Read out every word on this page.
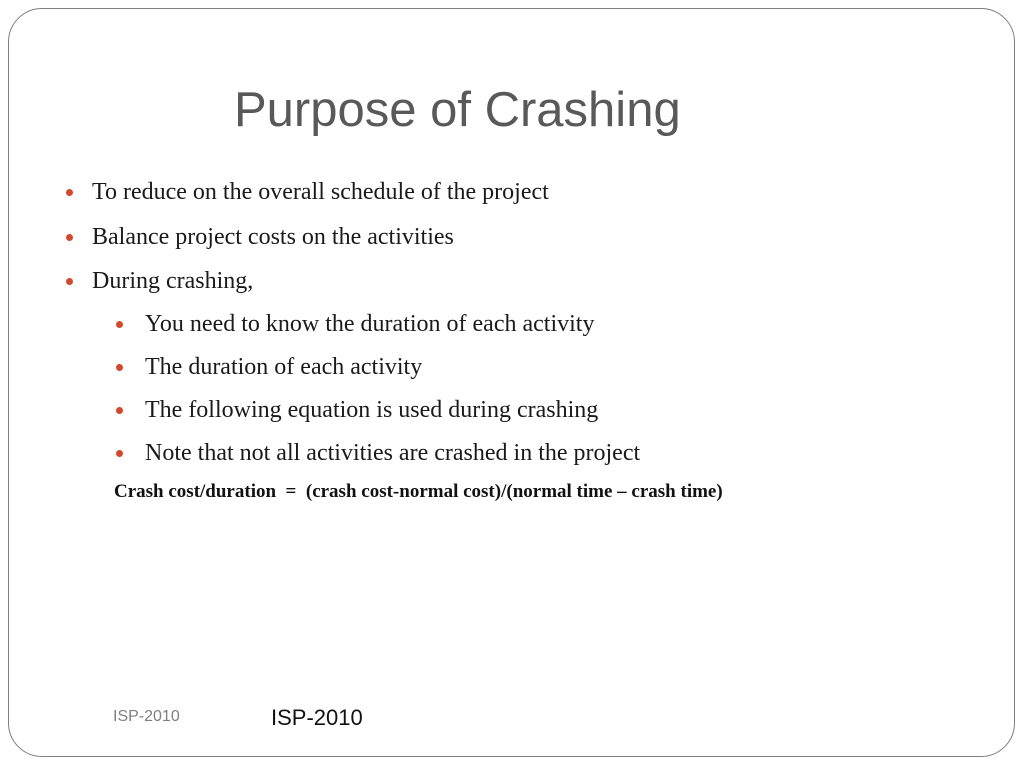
Purpose of Crashing
To reduce on the overall schedule of the project
Balance project costs on the activities
During crashing,
You need to know the duration of each activity
The duration of each activity
The following equation is used during crashing
Note that not all activities are crashed in the project

Crash cost/duration  =  (crash cost-normal cost)/(normal time – crash time)

ISP-2010	ISP-2010
